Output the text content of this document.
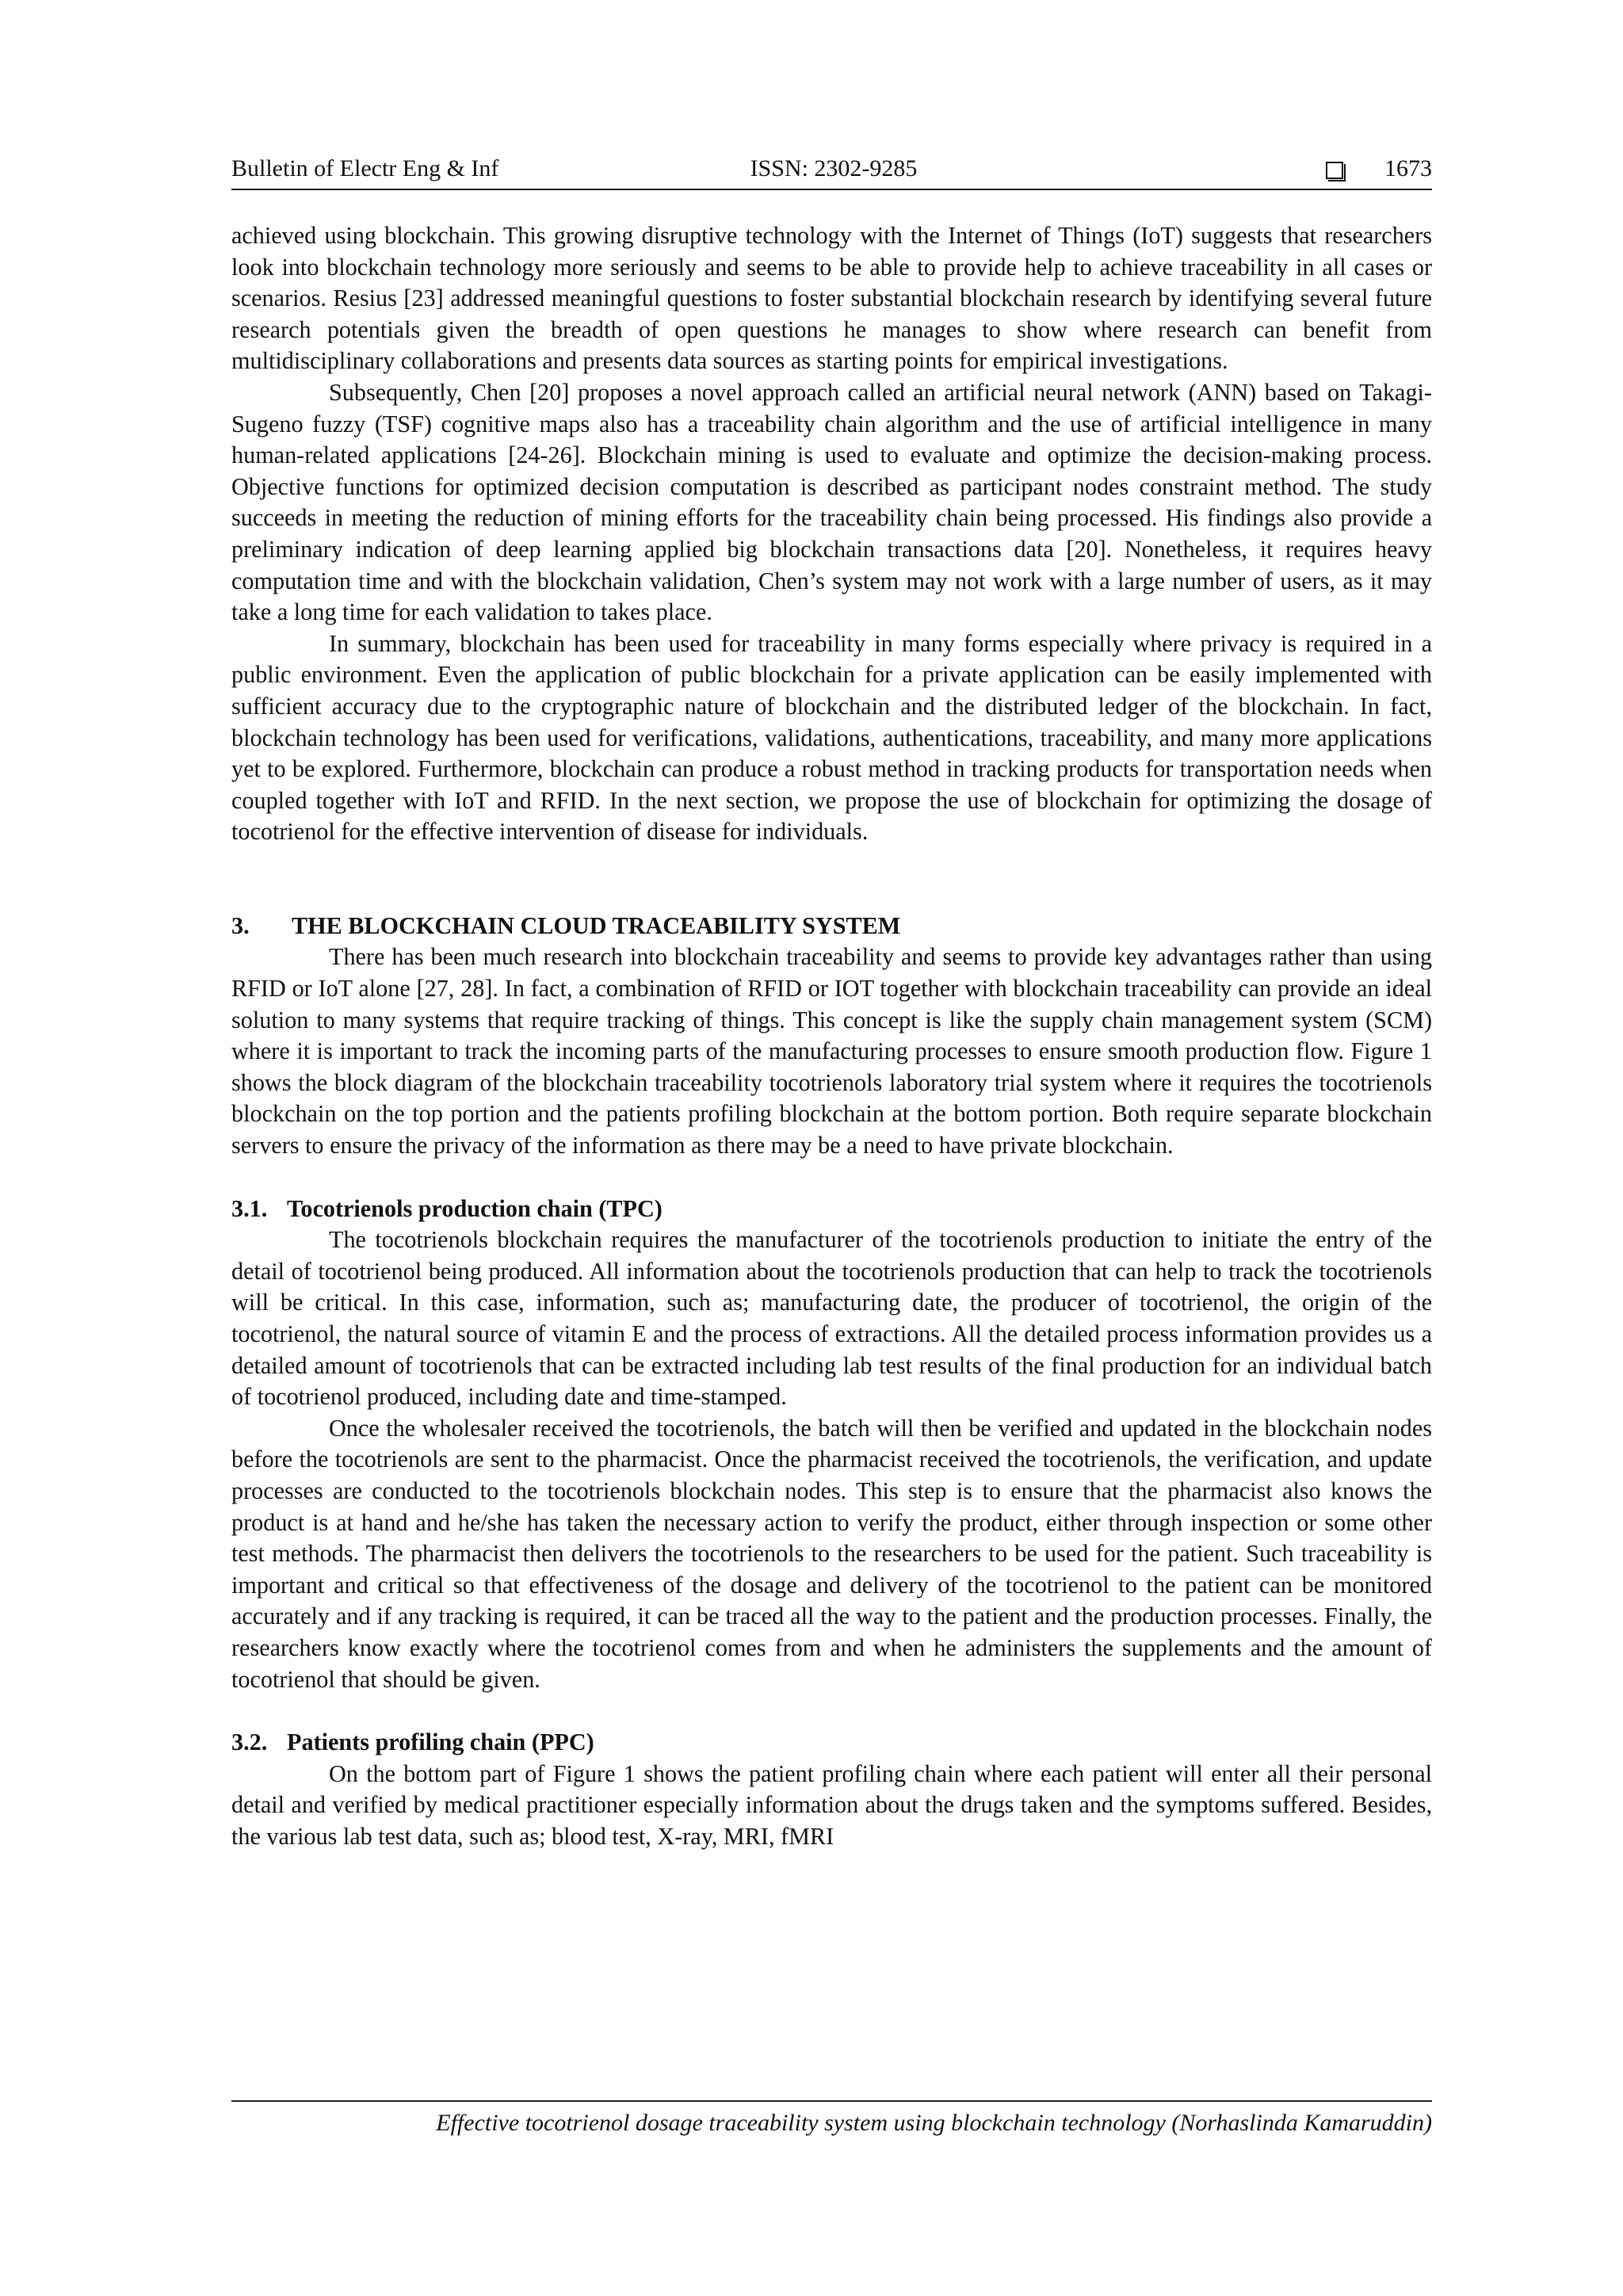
Bulletin of Electr Eng & Inf	ISSN: 2302-9285	1673

achieved using blockchain. This growing disruptive technology with the Internet of Things (IoT) suggests that researchers look into blockchain technology more seriously and seems to be able to provide help to achieve traceability in all cases or scenarios. Resius [23] addressed meaningful questions to foster substantial blockchain research by identifying several future research potentials given the breadth of open questions he manages to show where research can benefit from multidisciplinary collaborations and presents data sources as starting points for empirical investigations.

Subsequently, Chen [20] proposes a novel approach called an artificial neural network (ANN) based on Takagi-Sugeno fuzzy (TSF) cognitive maps also has a traceability chain algorithm and the use of artificial intelligence in many human-related applications [24-26]. Blockchain mining is used to evaluate and optimize the decision-making process. Objective functions for optimized decision computation is described as participant nodes constraint method. The study succeeds in meeting the reduction of mining efforts for the traceability chain being processed. His findings also provide a preliminary indication of deep learning applied big blockchain transactions data [20]. Nonetheless, it requires heavy computation time and with the blockchain validation, Chen’s system may not work with a large number of users, as it may take a long time for each validation to takes place.

In summary, blockchain has been used for traceability in many forms especially where privacy is required in a public environment. Even the application of public blockchain for a private application can be easily implemented with sufficient accuracy due to the cryptographic nature of blockchain and the distributed ledger of the blockchain. In fact, blockchain technology has been used for verifications, validations, authentications, traceability, and many more applications yet to be explored. Furthermore, blockchain can produce a robust method in tracking products for transportation needs when coupled together with IoT and RFID. In the next section, we propose the use of blockchain for optimizing the dosage of tocotrienol for the effective intervention of disease for individuals.

3. THE BLOCKCHAIN CLOUD TRACEABILITY SYSTEM

There has been much research into blockchain traceability and seems to provide key advantages rather than using RFID or IoT alone [27, 28]. In fact, a combination of RFID or IOT together with blockchain traceability can provide an ideal solution to many systems that require tracking of things. This concept is like the supply chain management system (SCM) where it is important to track the incoming parts of the manufacturing processes to ensure smooth production flow. Figure 1 shows the block diagram of the blockchain traceability tocotrienols laboratory trial system where it requires the tocotrienols blockchain on the top portion and the patients profiling blockchain at the bottom portion. Both require separate blockchain servers to ensure the privacy of the information as there may be a need to have private blockchain.

3.1. Tocotrienols production chain (TPC)

The tocotrienols blockchain requires the manufacturer of the tocotrienols production to initiate the entry of the detail of tocotrienol being produced. All information about the tocotrienols production that can help to track the tocotrienols will be critical. In this case, information, such as; manufacturing date, the producer of tocotrienol, the origin of the tocotrienol, the natural source of vitamin E and the process of extractions. All the detailed process information provides us a detailed amount of tocotrienols that can be extracted including lab test results of the final production for an individual batch of tocotrienol produced, including date and time-stamped.

Once the wholesaler received the tocotrienols, the batch will then be verified and updated in the blockchain nodes before the tocotrienols are sent to the pharmacist. Once the pharmacist received the tocotrienols, the verification, and update processes are conducted to the tocotrienols blockchain nodes. This step is to ensure that the pharmacist also knows the product is at hand and he/she has taken the necessary action to verify the product, either through inspection or some other test methods. The pharmacist then delivers the tocotrienols to the researchers to be used for the patient. Such traceability is important and critical so that effectiveness of the dosage and delivery of the tocotrienol to the patient can be monitored accurately and if any tracking is required, it can be traced all the way to the patient and the production processes. Finally, the researchers know exactly where the tocotrienol comes from and when he administers the supplements and the amount of tocotrienol that should be given.

3.2. Patients profiling chain (PPC)

On the bottom part of Figure 1 shows the patient profiling chain where each patient will enter all their personal detail and verified by medical practitioner especially information about the drugs taken and the symptoms suffered. Besides, the various lab test data, such as; blood test, X-ray, MRI, fMRI

Effective tocotrienol dosage traceability system using blockchain technology (Norhaslinda Kamaruddin)
